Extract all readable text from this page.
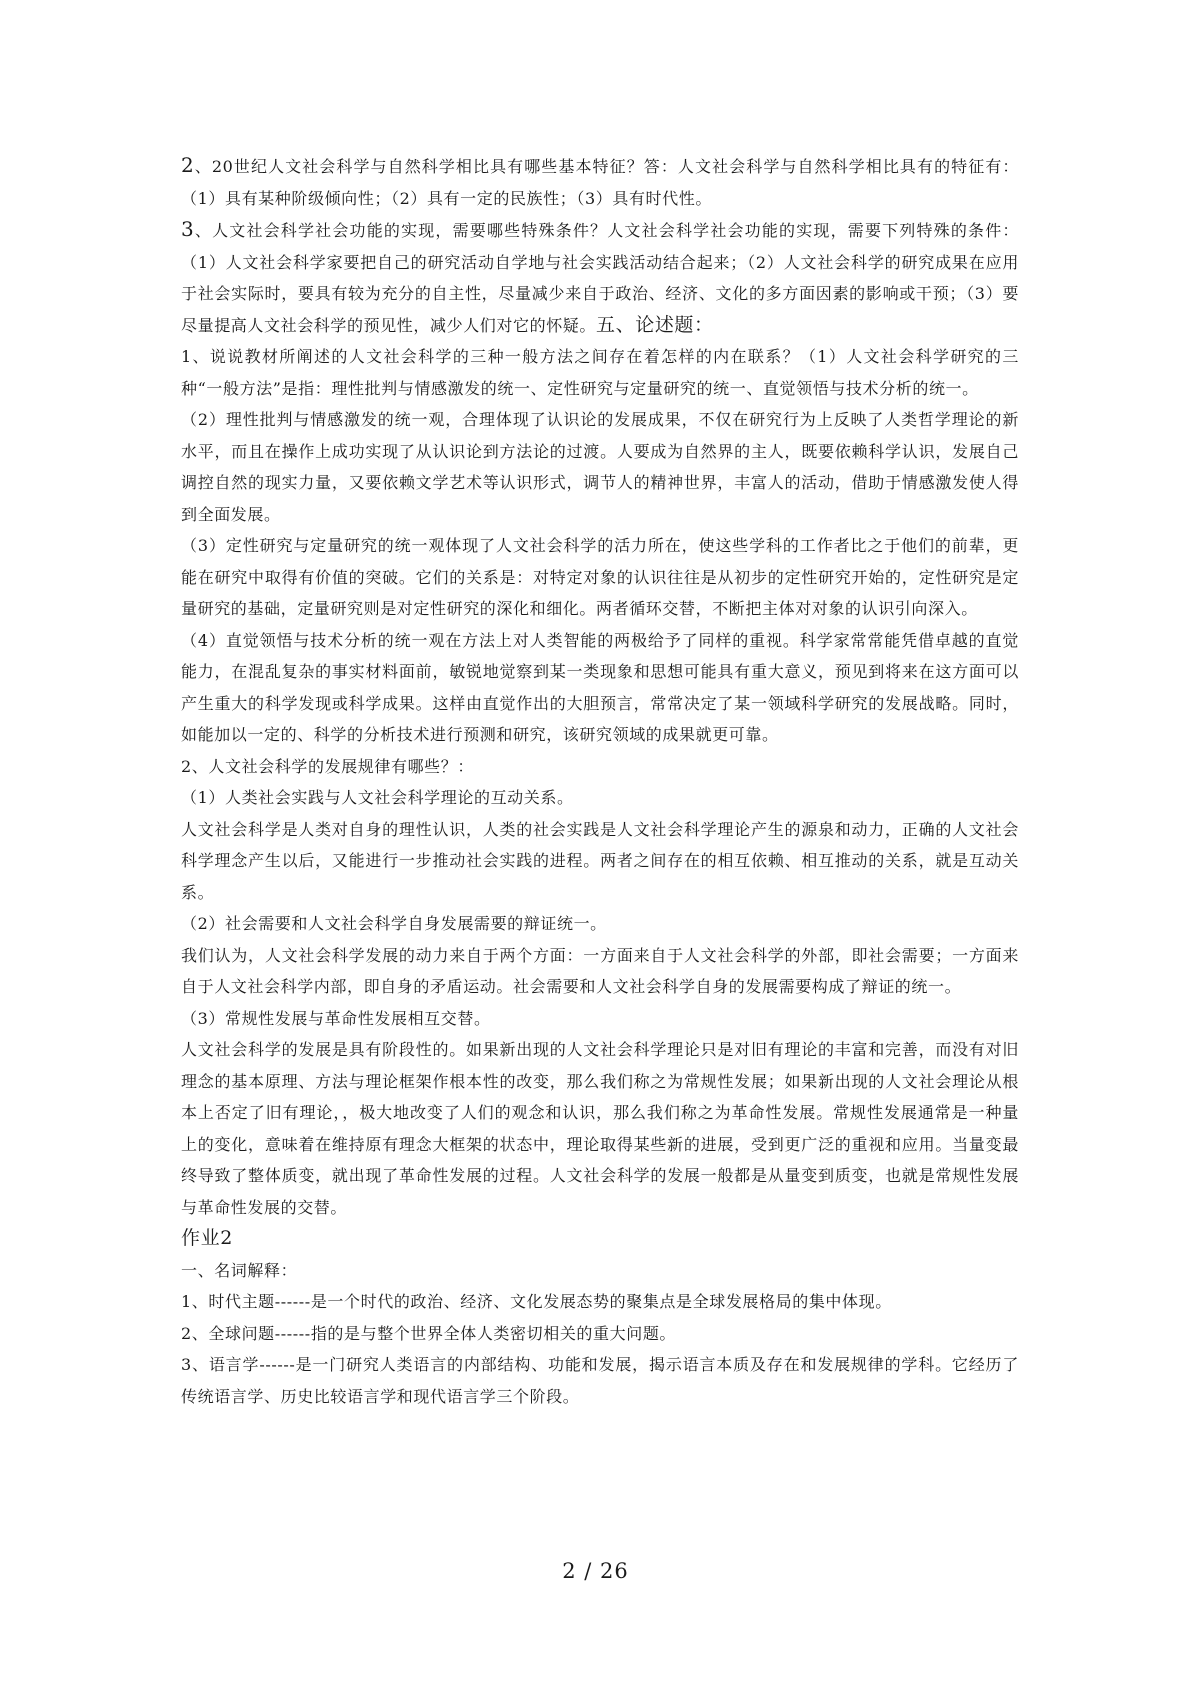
2、20世纪人文社会科学与自然科学相比具有哪些基本特征？答：人文社会科学与自然科学相比具有的特征有：（1）具有某种阶级倾向性；（2）具有一定的民族性；（3）具有时代性。

3、人文社会科学社会功能的实现，需要哪些特殊条件？人文社会科学社会功能的实现，需要下列特殊的条件：（1）人文社会科学家要把自己的研究活动自学地与社会实践活动结合起来；（2）人文社会科学的研究成果在应用于社会实际时，要具有较为充分的自主性，尽量减少来自于政治、经济、文化的多方面因素的影响或干预；（3）要尽量提高人文社会科学的预见性，减少人们对它的怀疑。五、论述题：

1、说说教材所阐述的人文社会科学的三种一般方法之间存在着怎样的内在联系？（1）人文社会科学研究的三种“一般方法”是指：理性批判与情感激发的统一、定性研究与定量研究的统一、直觉领悟与技术分析的统一。

（2）理性批判与情感激发的统一观，合理体现了认识论的发展成果，不仅在研究行为上反映了人类哲学理论的新水平，而且在操作上成功实现了从认识论到方法论的过渡。人要成为自然界的主人，既要依赖科学认识，发展自己调控自然的现实力量，又要依赖文学艺术等认识形式，调节人的精神世界，丰富人的活动，借助于情感激发使人得到全面发展。

（3）定性研究与定量研究的统一观体现了人文社会科学的活力所在，使这些学科的工作者比之于他们的前辈，更能在研究中取得有价值的突破。它们的关系是：对特定对象的认识往往是从初步的定性研究开始的，定性研究是定量研究的基础，定量研究则是对定性研究的深化和细化。两者循环交替，不断把主体对对象的认识引向深入。

（4）直觉领悟与技术分析的统一观在方法上对人类智能的两极给予了同样的重视。科学家常常能凭借卓越的直觉能力，在混乱复杂的事实材料面前，敏锐地觉察到某一类现象和思想可能具有重大意义，预见到将来在这方面可以产生重大的科学发现或科学成果。这样由直觉作出的大胆预言，常常决定了某一领域科学研究的发展战略。同时，如能加以一定的、科学的分析技术进行预测和研究，该研究领域的成果就更可靠。

2、人文社会科学的发展规律有哪些？：

（1）人类社会实践与人文社会科学理论的互动关系。

人文社会科学是人类对自身的理性认识，人类的社会实践是人文社会科学理论产生的源泉和动力，正确的人文社会科学理念产生以后，又能进行一步推动社会实践的进程。两者之间存在的相互依赖、相互推动的关系，就是互动关系。

（2）社会需要和人文社会科学自身发展需要的辩证统一。

我们认为，人文社会科学发展的动力来自于两个方面：一方面来自于人文社会科学的外部，即社会需要；一方面来自于人文社会科学内部，即自身的矛盾运动。社会需要和人文社会科学自身的发展需要构成了辩证的统一。

（3）常规性发展与革命性发展相互交替。

人文社会科学的发展是具有阶段性的。如果新出现的人文社会科学理论只是对旧有理论的丰富和完善，而没有对旧理念的基本原理、方法与理论框架作根本性的改变，那么我们称之为常规性发展；如果新出现的人文社会理论从根本上否定了旧有理论，，极大地改变了人们的观念和认识，那么我们称之为革命性发展。常规性发展通常是一种量上的变化，意味着在维持原有理念大框架的状态中，理论取得某些新的进展，受到更广泛的重视和应用。当量变最终导致了整体质变，就出现了革命性发展的过程。人文社会科学的发展一般都是从量变到质变，也就是常规性发展与革命性发展的交替。

作业2

一、名词解释：

1、时代主题------是一个时代的政治、经济、文化发展态势的聚集点是全球发展格局的集中体现。

2、全球问题------指的是与整个世界全体人类密切相关的重大问题。

3、语言学------是一门研究人类语言的内部结构、功能和发展，揭示语言本质及存在和发展规律的学科。它经历了传统语言学、历史比较语言学和现代语言学三个阶段。

2 / 26
